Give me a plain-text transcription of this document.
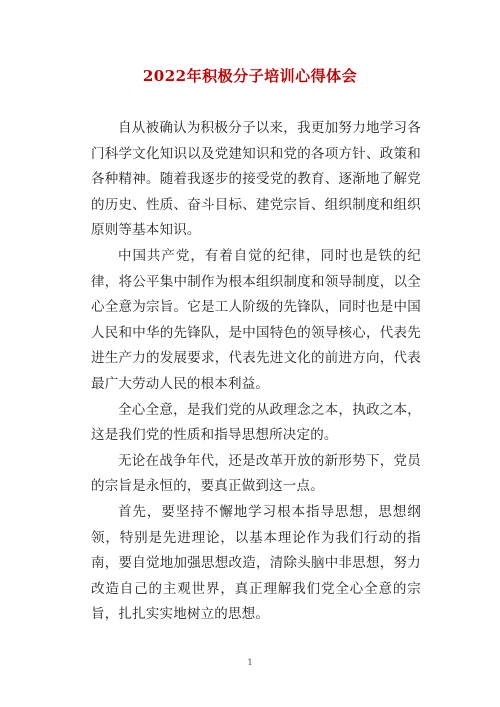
2022年积极分子培训心得体会

自从被确认为积极分子以来，我更加努力地学习各门科学文化知识以及党建知识和党的各项方针、政策和各种精神。随着我逐步的接受党的教育、逐渐地了解党的历史、性质、奋斗目标、建党宗旨、组织制度和组织原则等基本知识。

中国共产党，有着自觉的纪律，同时也是铁的纪律，将公平集中制作为根本组织制度和领导制度，以全心全意为宗旨。它是工人阶级的先锋队，同时也是中国人民和中华的先锋队，是中国特色的领导核心，代表先进生产力的发展要求，代表先进文化的前进方向，代表最广大劳动人民的根本利益。

全心全意，是我们党的从政理念之本，执政之本，这是我们党的性质和指导思想所决定的。

无论在战争年代，还是改革开放的新形势下，党员的宗旨是永恒的，要真正做到这一点。

首先，要坚持不懈地学习根本指导思想，思想纲领，特别是先进理论，以基本理论作为我们行动的指南，要自觉地加强思想改造，清除头脑中非思想，努力改造自己的主观世界，真正理解我们党全心全意的宗旨，扎扎实实地树立的思想。

1
